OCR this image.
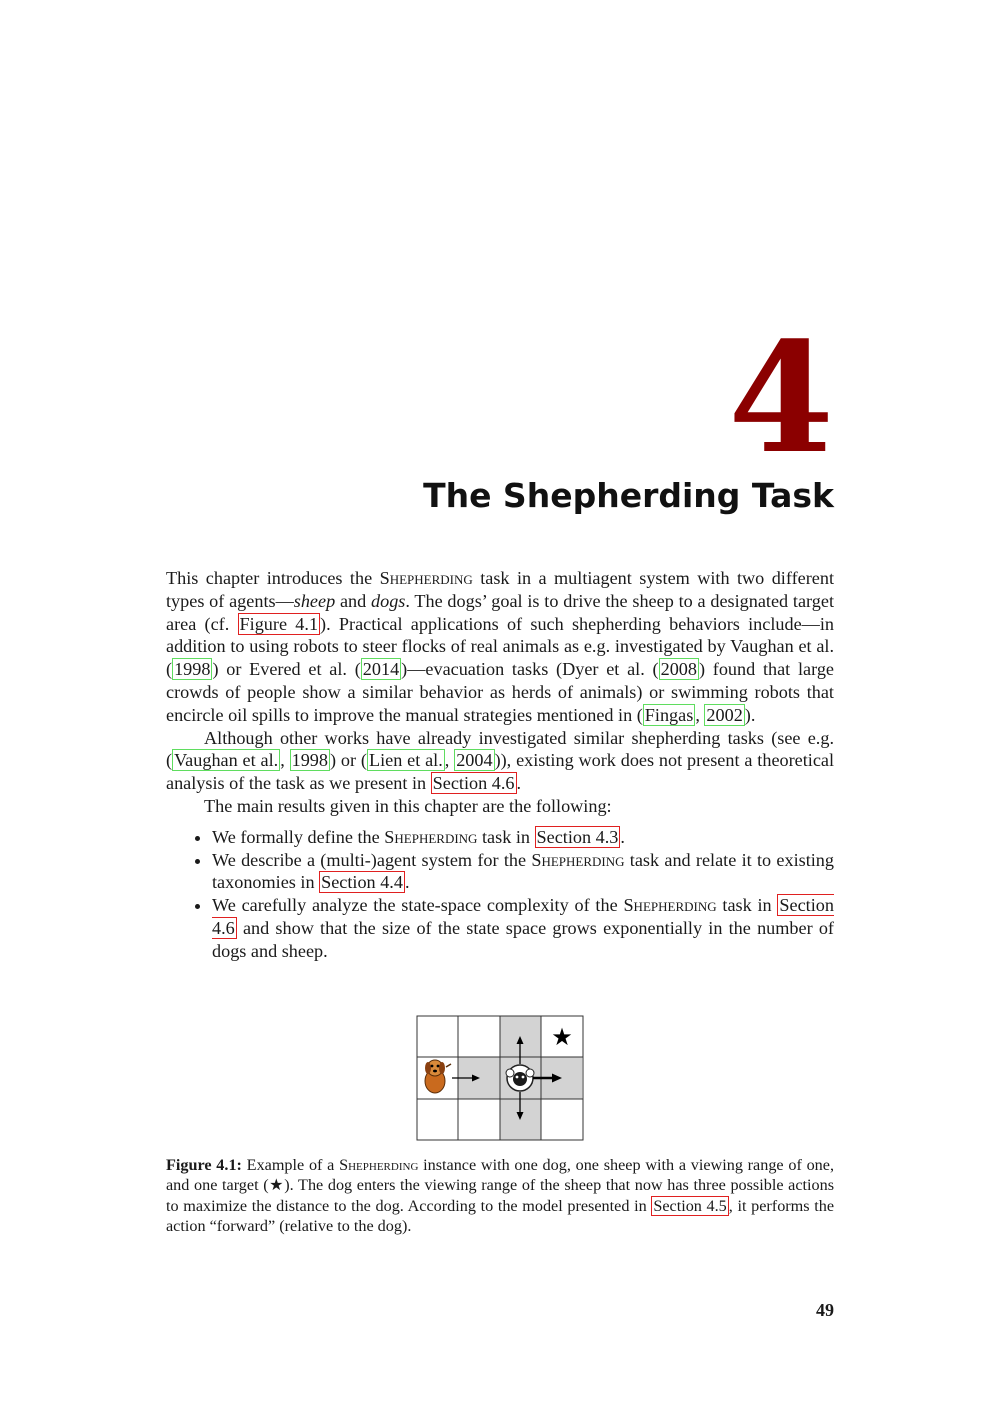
4
The Shepherding Task

This chapter introduces the Shepherding task in a multiagent system with two different types of agents—sheep and dogs. The dogs’ goal is to drive the sheep to a designated target area (cf. Figure 4.1 ). Practical applications of such shepherding behaviors include—in addition to using robots to steer flocks of real animals as e.g. investigated by Vaughan et al. ( 1998 ) or Evered et al. ( 2014 )—evacuation tasks (Dyer et al. ( 2008 ) found that large crowds of people show a similar behavior as herds of animals) or swimming robots that encircle oil spills to improve the manual strategies mentioned in ( Fingas , 2002 ).

Although other works have already investigated similar shepherding tasks (see e.g. ( Vaughan et al. , 1998 ) or ( Lien et al. , 2004 )), existing work does not present a theoretical analysis of the task as we present in Section 4.6 .

The main results given in this chapter are the following:

• We formally define the Shepherding task in Section 4.3 .
• We describe a (multi-)agent system for the Shepherding task and relate it to existing taxonomies in Section 4.4 .
• We carefully analyze the state-space complexity of the Shepherding task in Section 4.6 and show that the size of the state space grows exponentially in the number of dogs and sheep.
★
Figure 4.1: Example of a Shepherding instance with one dog, one sheep with a viewing range of one, and one target (★). The dog enters the viewing range of the sheep that now has three possible actions to maximize the distance to the dog. According to the model presented in Section 4.5 , it performs the action “forward” (relative to the dog).
49
